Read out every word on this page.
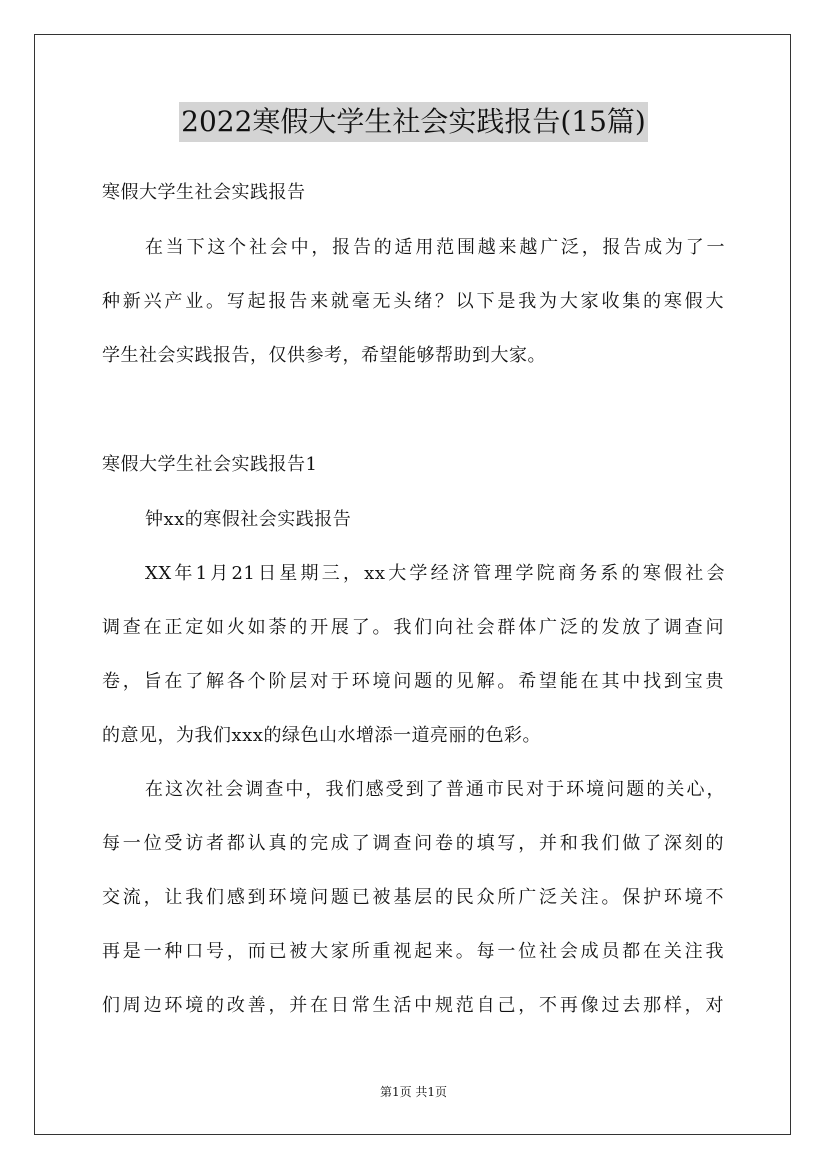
2022寒假大学生社会实践报告(15篇)
寒假大学生社会实践报告
在当下这个社会中，报告的适用范围越来越广泛，报告成为了一
种新兴产业。写起报告来就毫无头绪？以下是我为大家收集的寒假大
学生社会实践报告，仅供参考，希望能够帮助到大家。
寒假大学生社会实践报告1
钟xx的寒假社会实践报告
XX年1月21日星期三，xx大学经济管理学院商务系的寒假社会
调查在正定如火如荼的开展了。我们向社会群体广泛的发放了调查问
卷，旨在了解各个阶层对于环境问题的见解。希望能在其中找到宝贵
的意见，为我们xxx的绿色山水增添一道亮丽的色彩。
在这次社会调查中，我们感受到了普通市民对于环境问题的关心，
每一位受访者都认真的完成了调查问卷的填写，并和我们做了深刻的
交流，让我们感到环境问题已被基层的民众所广泛关注。保护环境不
再是一种口号，而已被大家所重视起来。每一位社会成员都在关注我
们周边环境的改善，并在日常生活中规范自己，不再像过去那样，对
第1页 共1页
